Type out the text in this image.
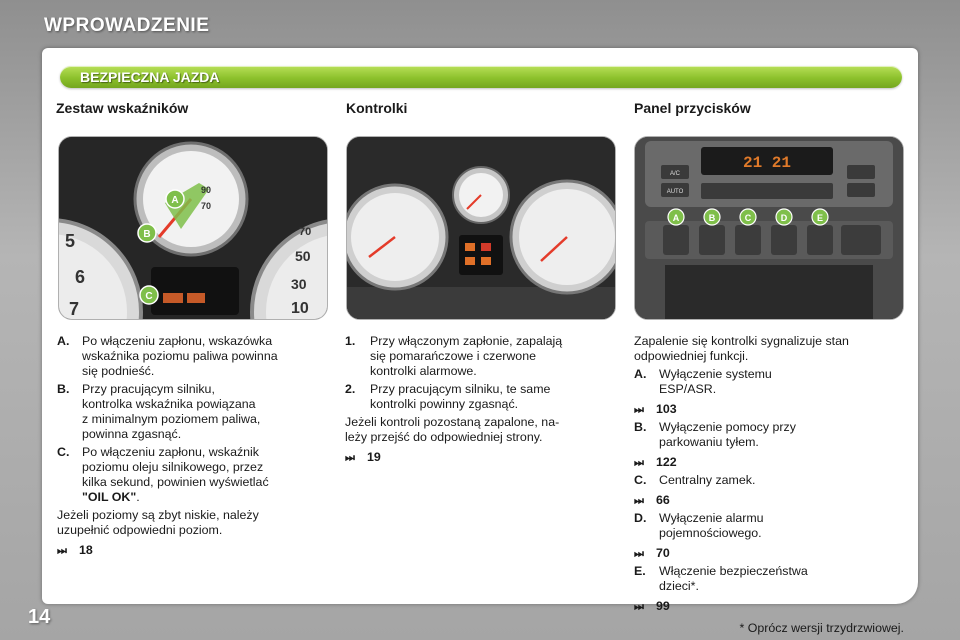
WPROWADZENIE
BEZPIECZNA JAZDA
Zestaw wskaźników	Kontrolki	Panel przycisków
5
6
7
70
50
30
10
90
70
A
B
C
21 21
A/C
AUTO
A	B	C	D	E
A.	Po włączeniu zapłonu, wskazówka
wskaźnika poziomu paliwa powinna
się podnieść.
B.	Przy pracującym silniku,
kontrolka wskaźnika powiązana
z minimalnym poziomem paliwa,
powinna zgasnąć.
C.	Po włączeniu zapłonu, wskaźnik
poziomu oleju silnikowego, przez
kilka sekund, powinien wyświetlać
"OIL OK".
Jeżeli poziomy są zbyt niskie, należy
uzupełnić odpowiedni poziom.
⏭ 18
1.	Przy włączonym zapłonie, zapalają
się pomarańczowe i czerwone
kontrolki alarmowe.
2.	Przy pracującym silniku, te same
kontrolki powinny zgasnąć.
Jeżeli kontroli pozostaną zapalone, na-
leży przejść do odpowiedniej strony.
⏭ 19
Zapalenie się kontrolki sygnalizuje stan
odpowiedniej funkcji.
A.	Wyłączenie systemu
ESP/ASR.
⏭ 103
B.	Wyłączenie pomocy przy
parkowaniu tyłem.
⏭ 122
C.	Centralny zamek.
⏭ 66
D.	Wyłączenie alarmu
pojemnościowego.
⏭ 70
E.	Włączenie bezpieczeństwa
dzieci*.
⏭ 99
* Oprócz wersji trzydrzwiowej.
14
